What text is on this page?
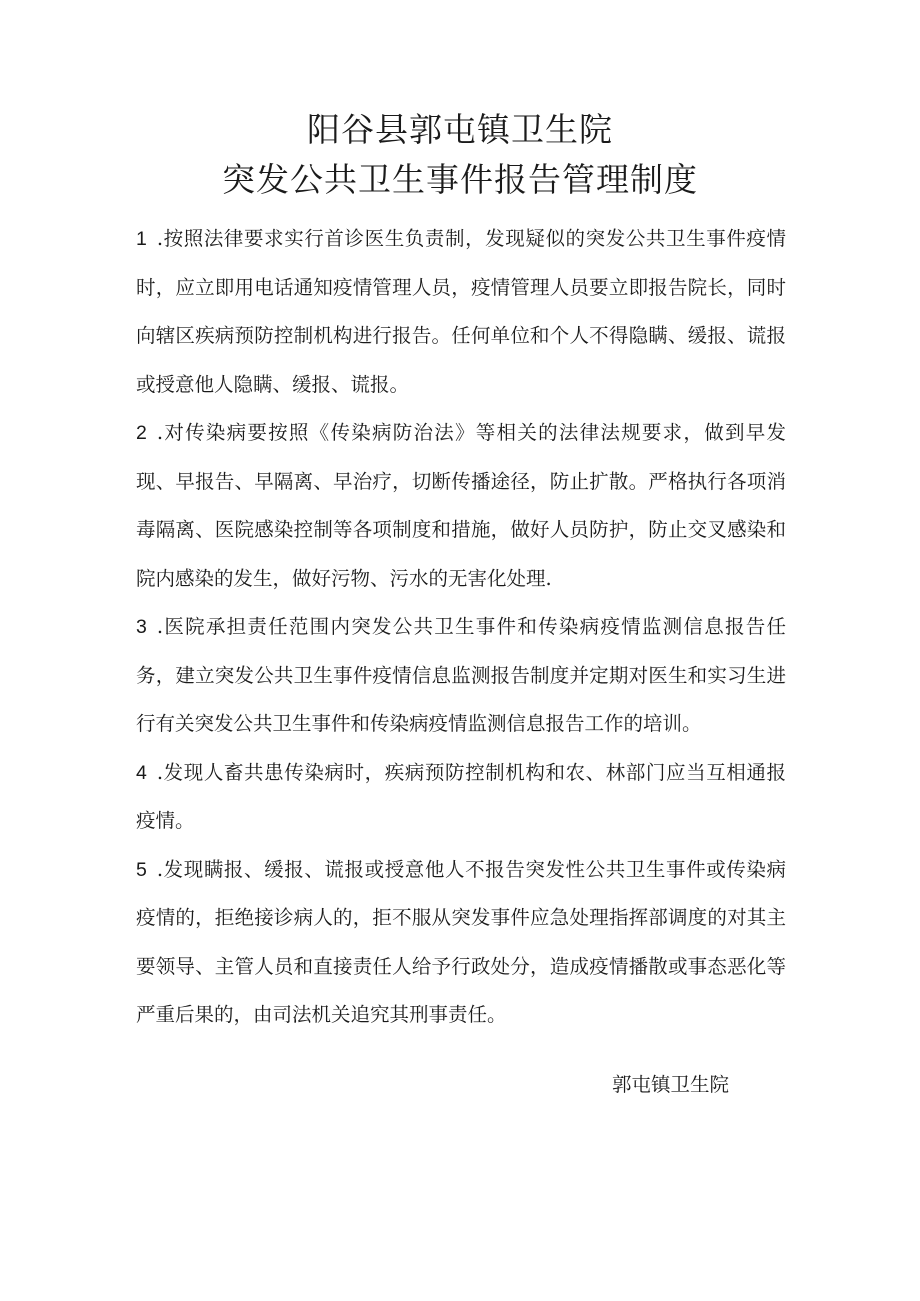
阳谷县郭屯镇卫生院
突发公共卫生事件报告管理制度

1 .按照法律要求实行首诊医生负责制，发现疑似的突发公共卫生事件疫情时，应立即用电话通知疫情管理人员，疫情管理人员要立即报告院长，同时向辖区疾病预防控制机构进行报告。任何单位和个人不得隐瞒、缓报、谎报或授意他人隐瞒、缓报、谎报。

2 .对传染病要按照《传染病防治法》等相关的法律法规要求，做到早发现、早报告、早隔离、早治疗，切断传播途径，防止扩散。严格执行各项消毒隔离、医院感染控制等各项制度和措施，做好人员防护，防止交叉感染和院内感染的发生，做好污物、污水的无害化处理.

3 .医院承担责任范围内突发公共卫生事件和传染病疫情监测信息报告任务，建立突发公共卫生事件疫情信息监测报告制度并定期对医生和实习生进行有关突发公共卫生事件和传染病疫情监测信息报告工作的培训。

4 .发现人畜共患传染病时，疾病预防控制机构和农、林部门应当互相通报疫情。

5 .发现瞒报、缓报、谎报或授意他人不报告突发性公共卫生事件或传染病疫情的，拒绝接诊病人的，拒不服从突发事件应急处理指挥部调度的对其主要领导、主管人员和直接责任人给予行政处分，造成疫情播散或事态恶化等严重后果的，由司法机关追究其刑事责任。

郭屯镇卫生院
